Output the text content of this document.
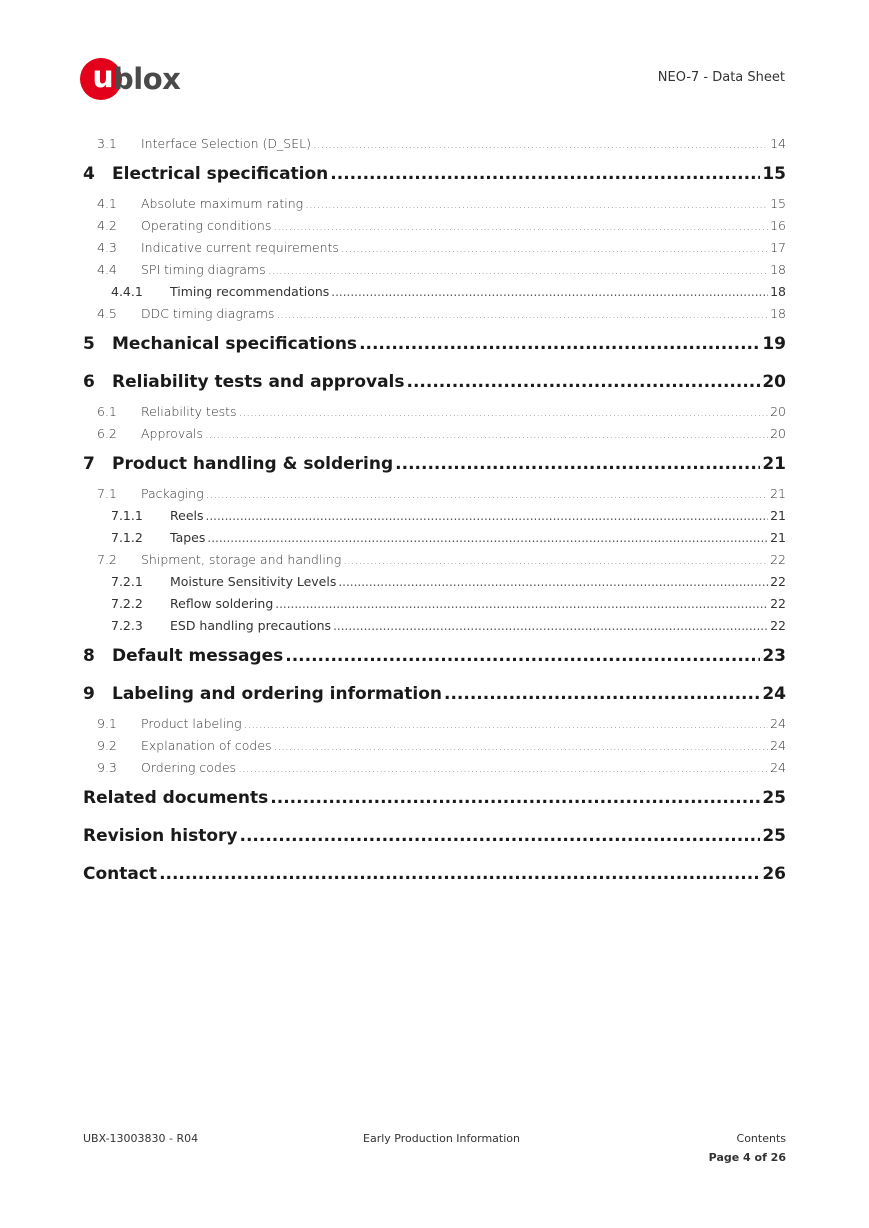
u blox	NEO-7 - Data Sheet
3.1	Interface Selection (D_SEL) .....	14
4	Electrical specification .....	15
4.1	Absolute maximum rating .....	15
4.2	Operating conditions .....	16
4.3	Indicative current requirements .....	17
4.4	SPI timing diagrams .....	18
4.4.1	Timing recommendations .....	18
4.5	DDC timing diagrams .....	18
5	Mechanical specifications .....	19
6	Reliability tests and approvals .....	20
6.1	Reliability tests .....	20
6.2	Approvals .....	20
7	Product handling & soldering .....	21
7.1	Packaging .....	21
7.1.1	Reels .....	21
7.1.2	Tapes .....	21
7.2	Shipment, storage and handling .....	22
7.2.1	Moisture Sensitivity Levels .....	22
7.2.2	Reflow soldering .....	22
7.2.3	ESD handling precautions .....	22
8	Default messages .....	23
9	Labeling and ordering information .....	24
9.1	Product labeling .....	24
9.2	Explanation of codes .....	24
9.3	Ordering codes .....	24
Related documents .....	25
Revision history .....	25
Contact .....	26
UBX-13003830 - R04	Early Production Information	Contents
Page 4 of 26
